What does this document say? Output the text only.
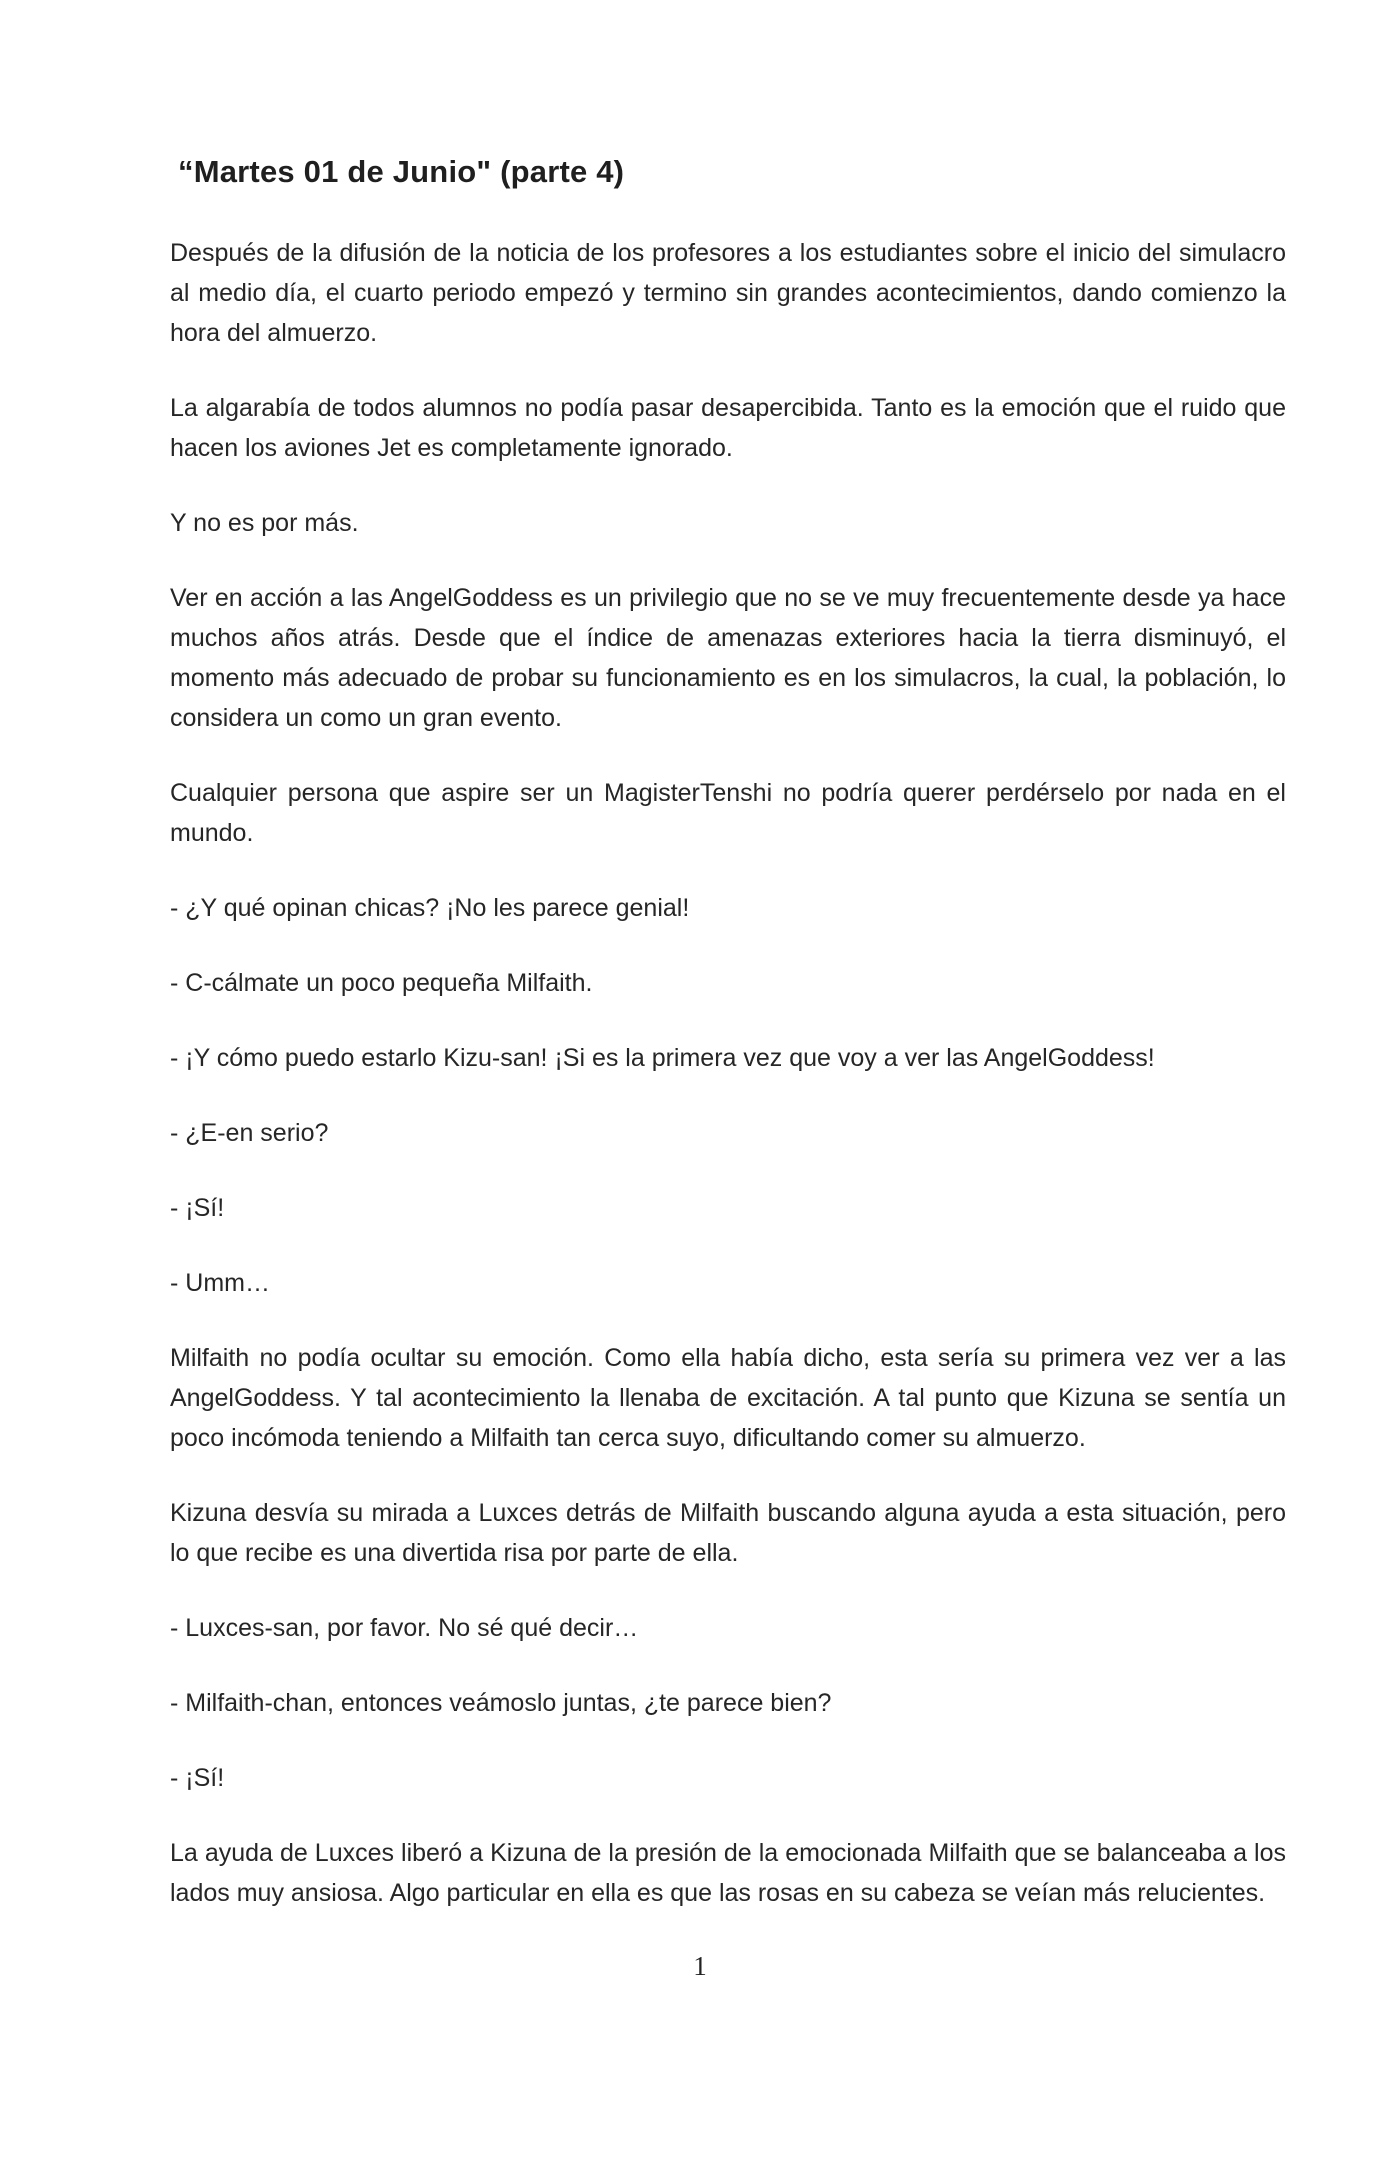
“Martes 01 de Junio" (parte 4)

Después de la difusión de la noticia de los profesores a los estudiantes sobre el inicio del simulacro al medio día, el cuarto periodo empezó y termino sin grandes acontecimientos, dando comienzo la hora del almuerzo.

La algarabía de todos alumnos no podía pasar desapercibida. Tanto es la emoción que el ruido que hacen los aviones Jet es completamente ignorado.

Y no es por más.

Ver en acción a las AngelGoddess es un privilegio que no se ve muy frecuentemente desde ya hace muchos años atrás. Desde que el índice de amenazas exteriores hacia la tierra disminuyó, el momento más adecuado de probar su funcionamiento es en los simulacros, la cual, la población, lo considera un como un gran evento.

Cualquier persona que aspire ser un MagisterTenshi no podría querer perdérselo por nada en el mundo.

- ¿Y qué opinan chicas? ¡No les parece genial!

- C-cálmate un poco pequeña Milfaith.

- ¡Y cómo puedo estarlo Kizu-san! ¡Si es la primera vez que voy a ver las AngelGoddess!

- ¿E-en serio?

- ¡Sí!

- Umm…

Milfaith no podía ocultar su emoción. Como ella había dicho, esta sería su primera vez ver a las AngelGoddess. Y tal acontecimiento la llenaba de excitación. A tal punto que Kizuna se sentía un poco incómoda teniendo a Milfaith tan cerca suyo, dificultando comer su almuerzo.

Kizuna desvía su mirada a Luxces detrás de Milfaith buscando alguna ayuda a esta situación, pero lo que recibe es una divertida risa por parte de ella.

- Luxces-san, por favor. No sé qué decir…

- Milfaith-chan, entonces veámoslo juntas, ¿te parece bien?

- ¡Sí!

La ayuda de Luxces liberó a Kizuna de la presión de la emocionada Milfaith que se balanceaba a los lados muy ansiosa. Algo particular en ella es que las rosas en su cabeza se veían más relucientes.

1
